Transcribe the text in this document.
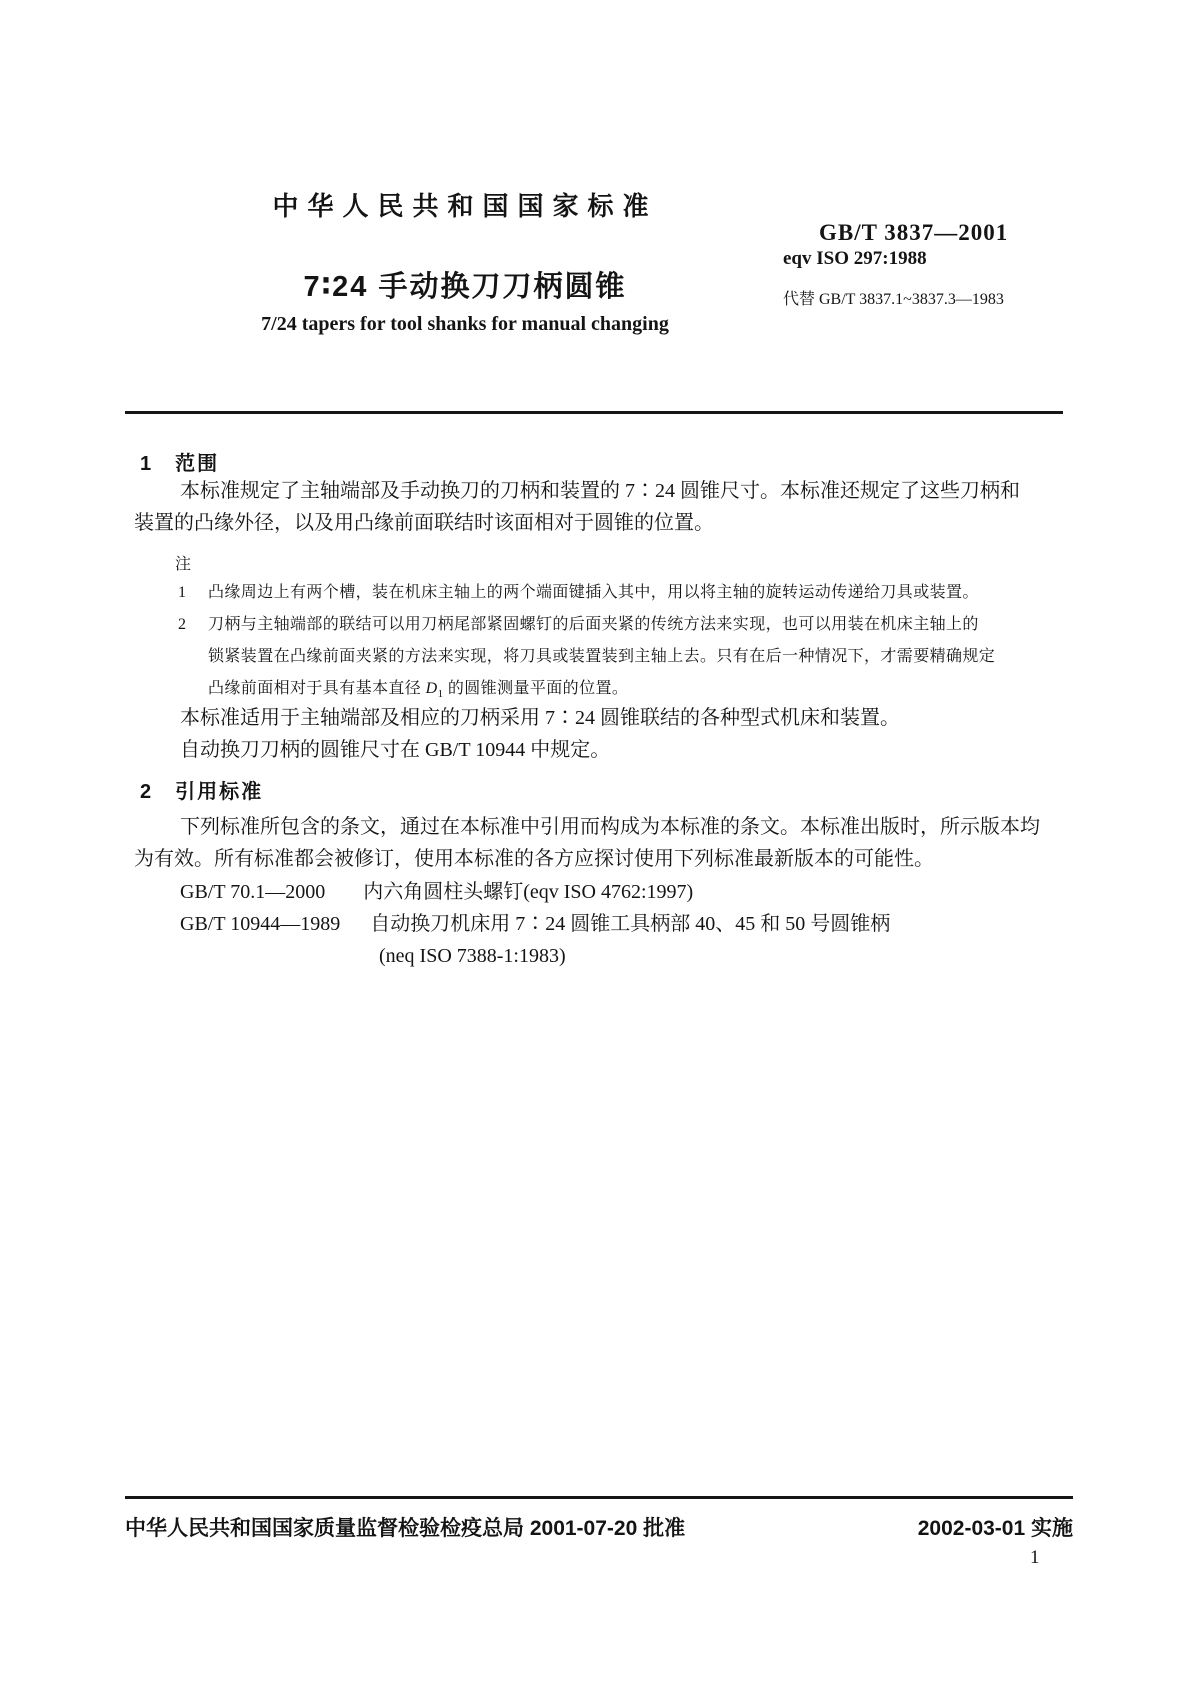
中华人民共和国国家标准
GB/T 3837—2001
eqv ISO 297:1988
代替 GB/T 3837.1~3837.3—1983
7∶24 手动换刀刀柄圆锥
7/24 tapers for tool shanks for manual changing
1 范围
本标准规定了主轴端部及手动换刀的刀柄和装置的 7∶24 圆锥尺寸。本标准还规定了这些刀柄和
装置的凸缘外径，以及用凸缘前面联结时该面相对于圆锥的位置。
注
1 凸缘周边上有两个槽，装在机床主轴上的两个端面键插入其中，用以将主轴的旋转运动传递给刀具或装置。
2 刀柄与主轴端部的联结可以用刀柄尾部紧固螺钉的后面夹紧的传统方法来实现，也可以用装在机床主轴上的
锁紧装置在凸缘前面夹紧的方法来实现，将刀具或装置装到主轴上去。只有在后一种情况下，才需要精确规定
凸缘前面相对于具有基本直径 $D_1$ 的圆锥测量平面的位置。
本标准适用于主轴端部及相应的刀柄采用 7∶24 圆锥联结的各种型式机床和装置。
自动换刀刀柄的圆锥尺寸在 GB/T 10944 中规定。
2 引用标准
下列标准所包含的条文，通过在本标准中引用而构成为本标准的条文。本标准出版时，所示版本均
为有效。所有标准都会被修订，使用本标准的各方应探讨使用下列标准最新版本的可能性。
GB/T 70.1—2000 内六角圆柱头螺钉(eqv ISO 4762:1997)
GB/T 10944—1989 自动换刀机床用 7∶24 圆锥工具柄部 40、45 和 50 号圆锥柄
(neq ISO 7388-1:1983)
中华人民共和国国家质量监督检验检疫总局 2001-07-20 批准	2002-03-01 实施
1
